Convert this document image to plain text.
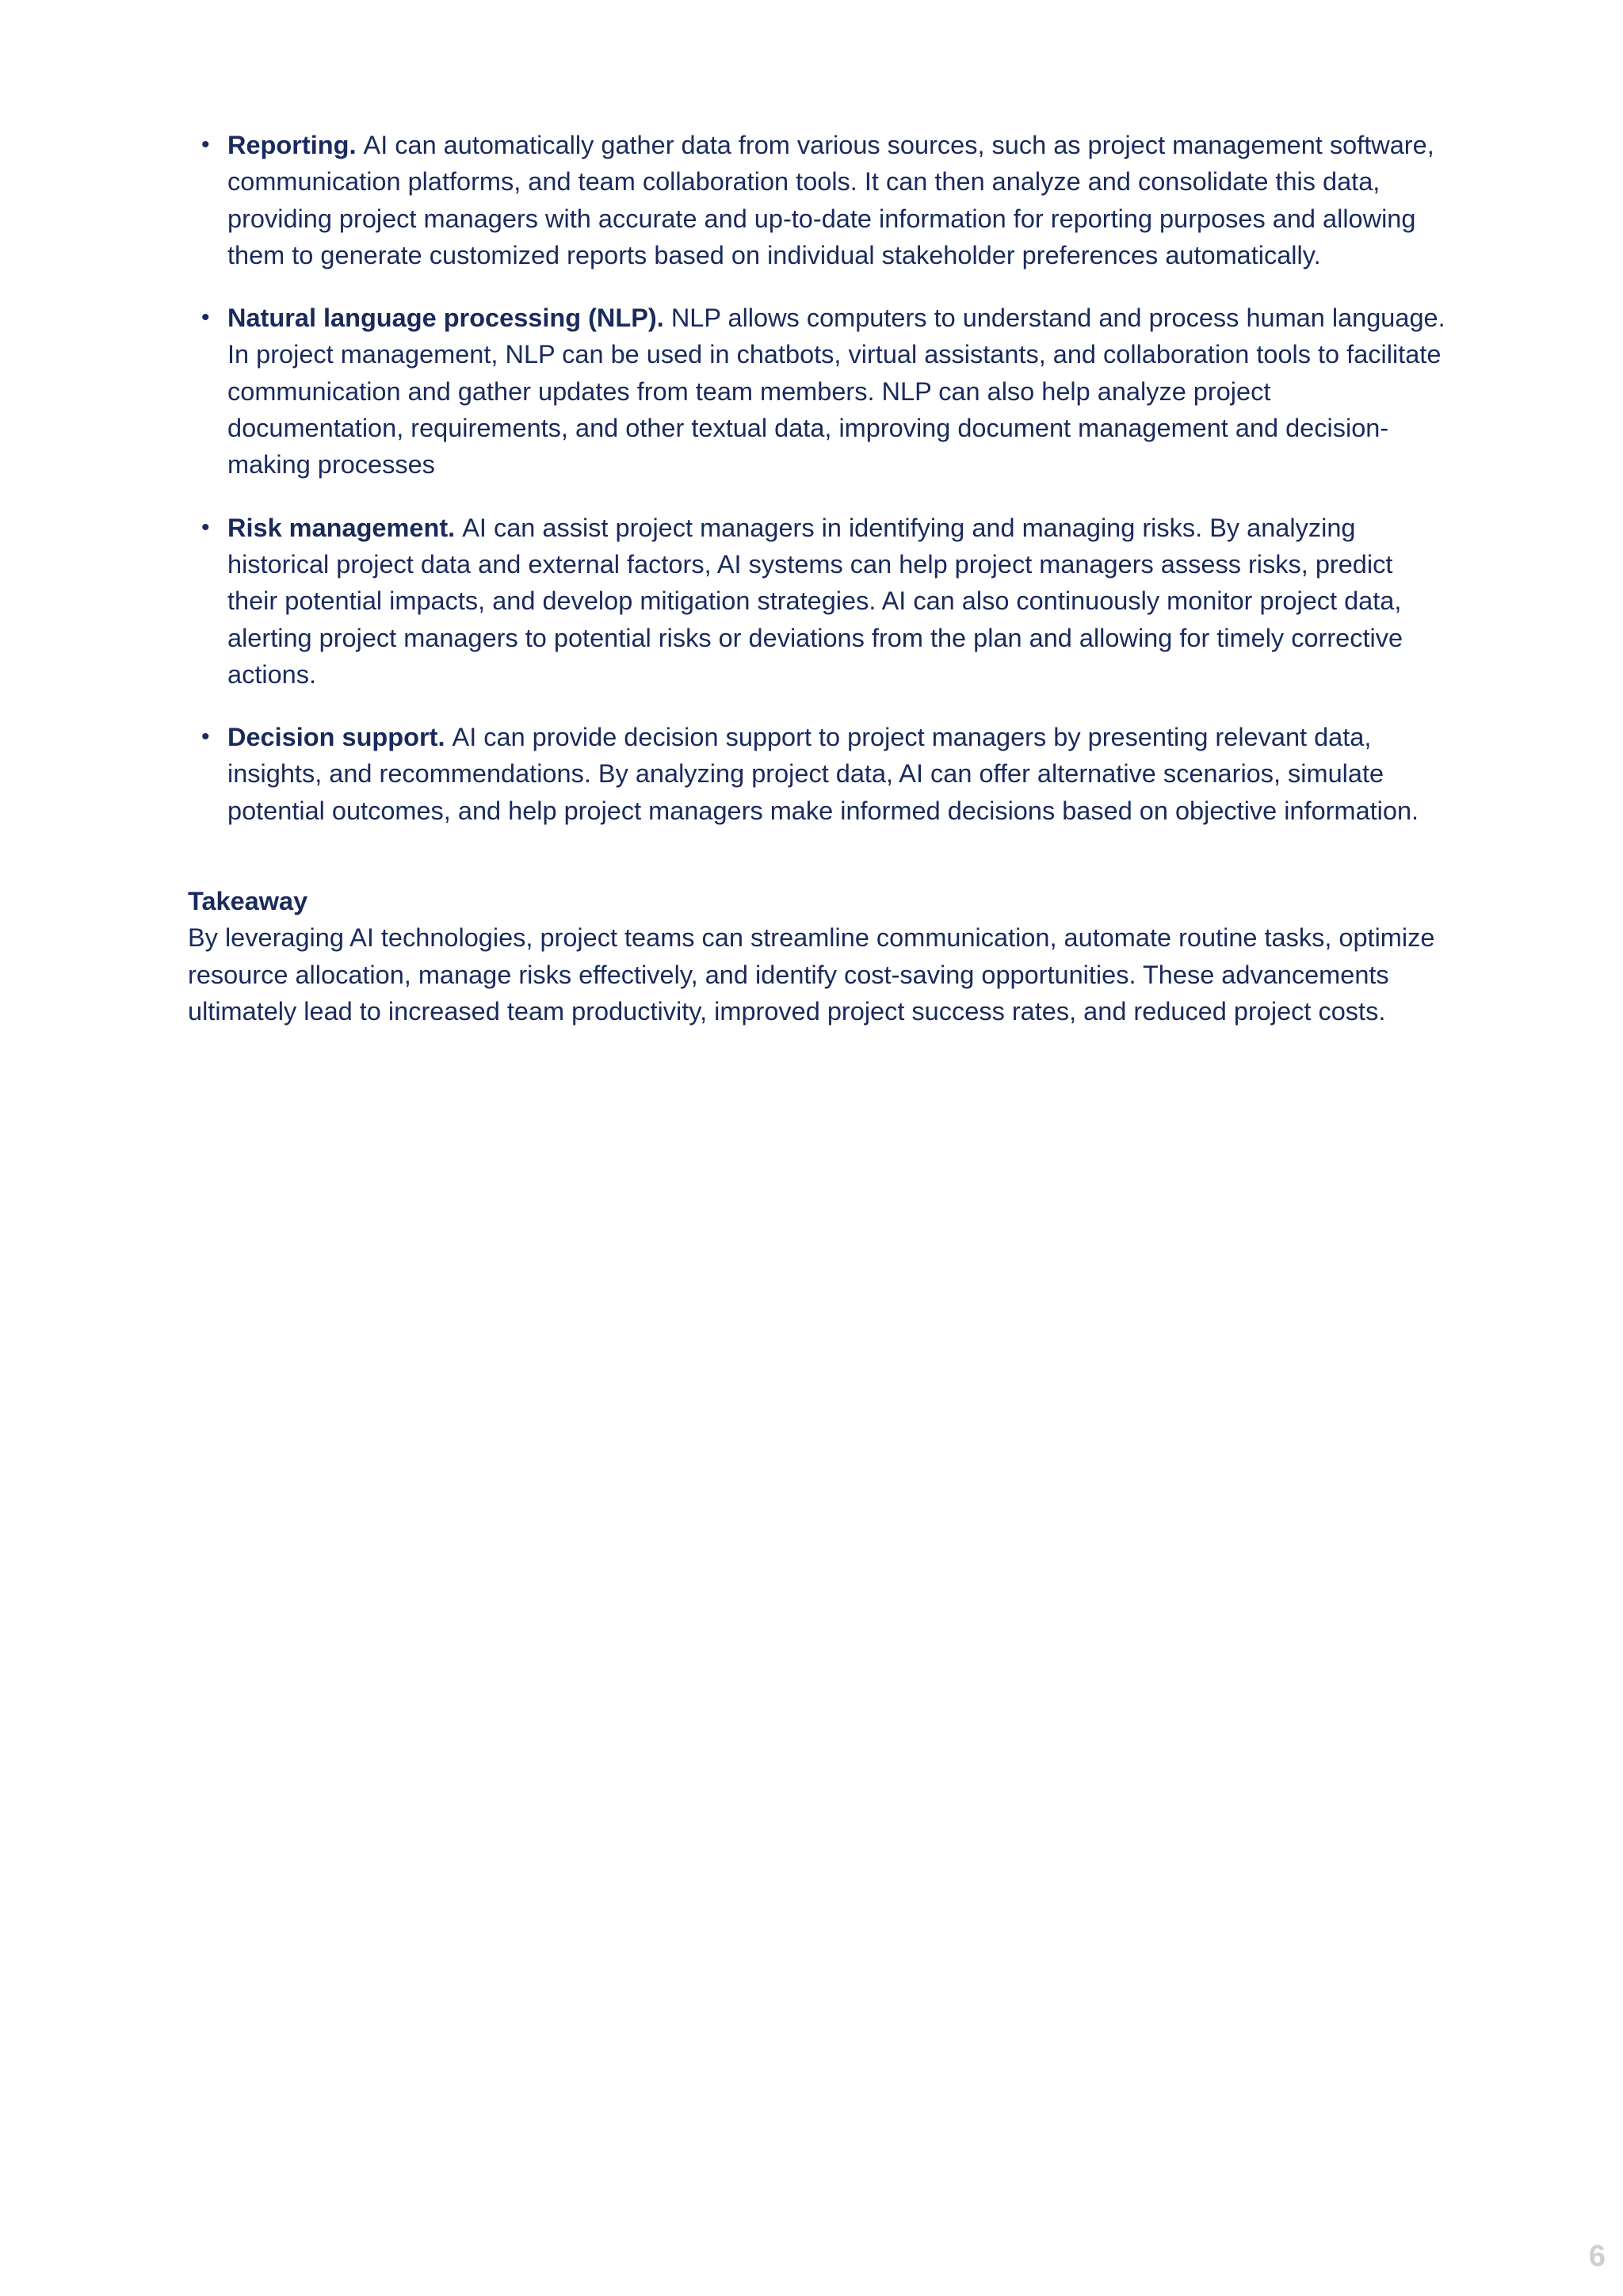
• Reporting. AI can automatically gather data from various sources, such as project management software, communication platforms, and team collaboration tools. It can then analyze and consolidate this data, providing project managers with accurate and up-to-date information for reporting purposes and allowing them to generate customized reports based on individual stakeholder preferences automatically.
• Natural language processing (NLP). NLP allows computers to understand and process human language. In project management, NLP can be used in chatbots, virtual assistants, and collaboration tools to facilitate communication and gather updates from team members. NLP can also help analyze project documentation, requirements, and other textual data, improving document management and decision-making processes
• Risk management. AI can assist project managers in identifying and managing risks. By analyzing historical project data and external factors, AI systems can help project managers assess risks, predict their potential impacts, and develop mitigation strategies. AI can also continuously monitor project data, alerting project managers to potential risks or deviations from the plan and allowing for timely corrective actions.
• Decision support. AI can provide decision support to project managers by presenting relevant data, insights, and recommendations. By analyzing project data, AI can offer alternative scenarios, simulate potential outcomes, and help project managers make informed decisions based on objective information.
Takeaway
By leveraging AI technologies, project teams can streamline communication, automate routine tasks, optimize resource allocation, manage risks effectively, and identify cost-saving opportunities. These advancements ultimately lead to increased team productivity, improved project success rates, and reduced project costs.
6
